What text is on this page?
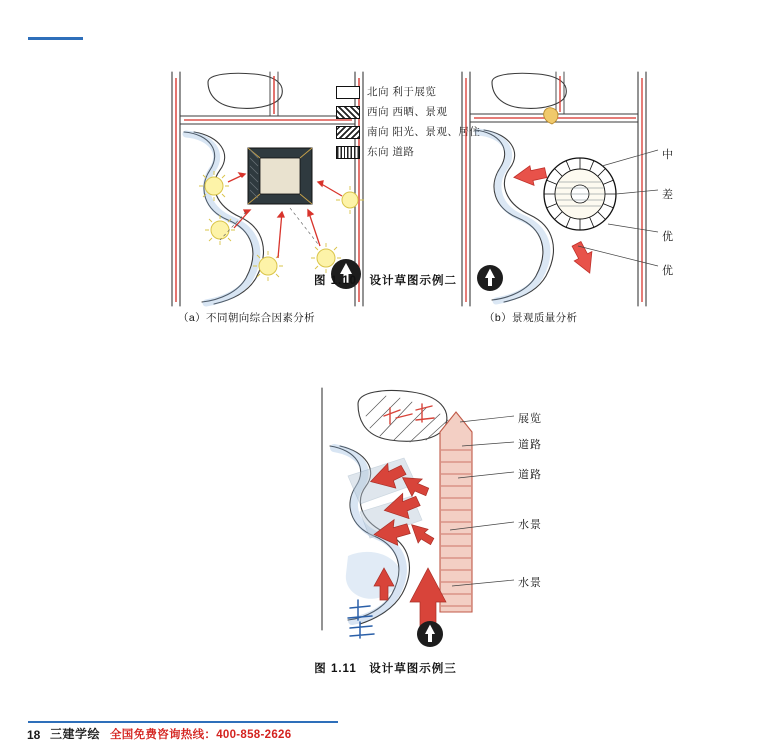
北向 利于展览
西向 西晒、景观
南向 阳光、景观、居住
东向 道路	中
差
优
优
（a）不同朝向综合因素分析	（b）景观质量分析
图 1.10　设计草图示例二
展览
道路
道路
水景
水景
图 1.11　设计草图示例三
18 三建学绘 全国免费咨询热线：400-858-2626
